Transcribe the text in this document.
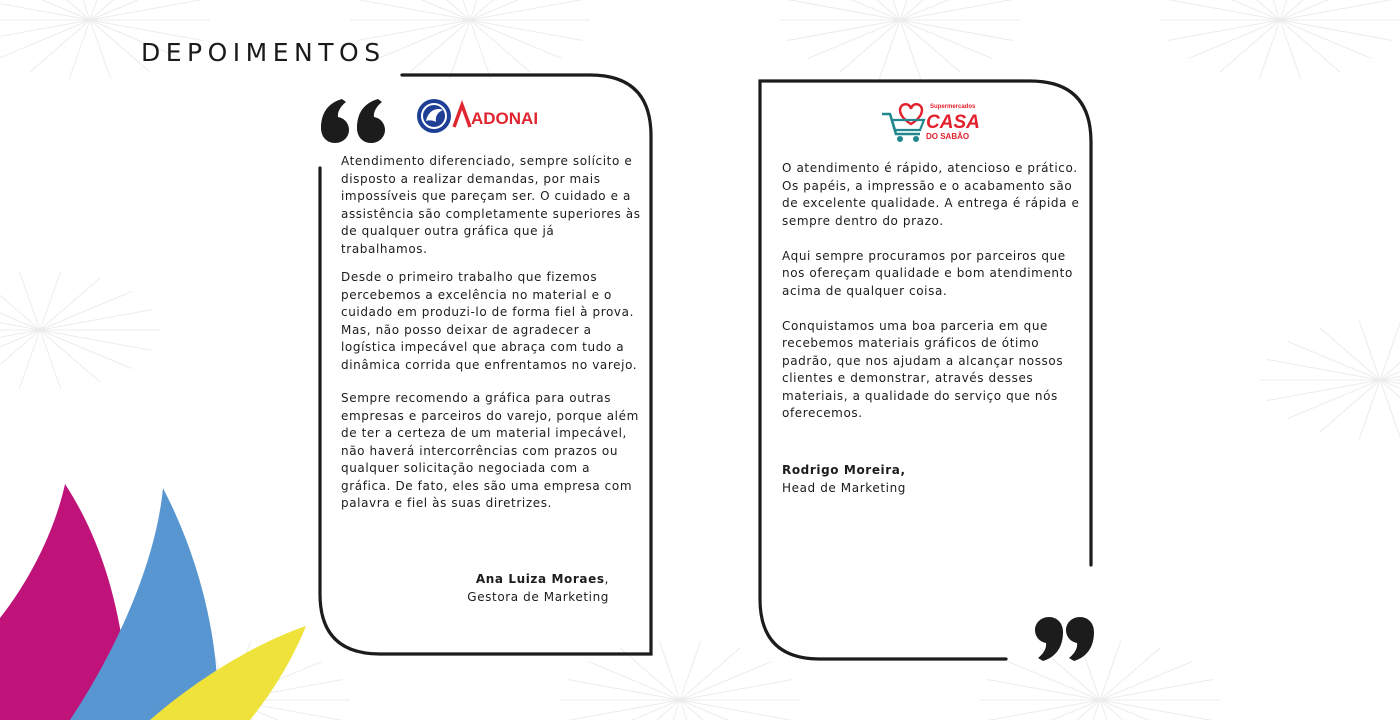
DEPOIMENTOS
ADONAI
Supermercados
CASA
DO SABÃO

Atendimento diferenciado, sempre solícito e disposto a realizar demandas, por mais impossíveis que pareçam ser. O cuidado e a assistência são completamente superiores às de qualquer outra gráfica que já trabalhamos.

Desde o primeiro trabalho que fizemos percebemos a excelência no material e o cuidado em produzi-lo de forma fiel à prova. Mas, não posso deixar de agradecer a logística impecável que abraça com tudo a dinâmica corrida que enfrentamos no varejo.

Sempre recomendo a gráfica para outras empresas e parceiros do varejo, porque além de ter a certeza de um material impecável, não haverá intercorrências com prazos ou qualquer solicitação negociada com a gráfica. De fato, eles são uma empresa com palavra e fiel às suas diretrizes.

Ana Luiza Moraes,
Gestora de Marketing

O atendimento é rápido, atencioso e prático. Os papéis, a impressão e o acabamento são de excelente qualidade. A entrega é rápida e sempre dentro do prazo.

Aqui sempre procuramos por parceiros que nos ofereçam qualidade e bom atendimento acima de qualquer coisa.

Conquistamos uma boa parceria em que recebemos materiais gráficos de ótimo padrão, que nos ajudam a alcançar nossos clientes e demonstrar, através desses materiais, a qualidade do serviço que nós oferecemos.

Rodrigo Moreira,
Head de Marketing
